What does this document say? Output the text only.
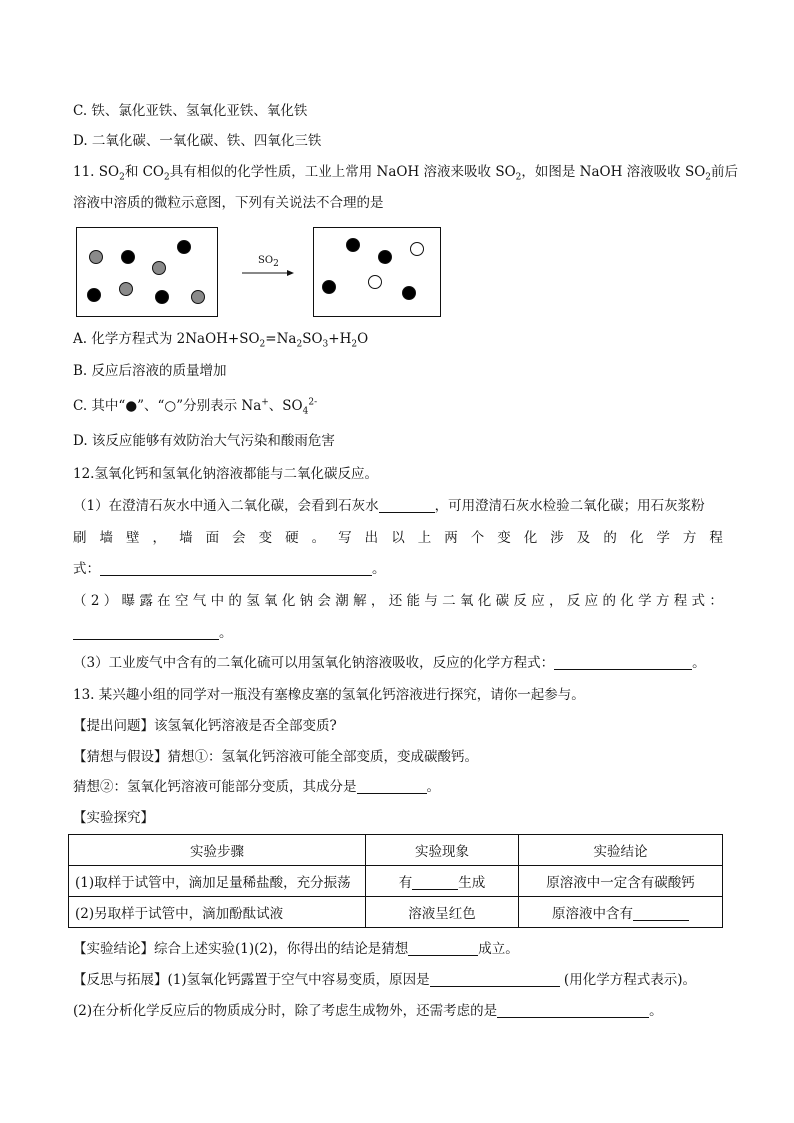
C. 铁、氯化亚铁、氢氧化亚铁、氧化铁
D. 二氧化碳、一氧化碳、铁、四氧化三铁
11. $SO_2$和 $CO_2$具有相似的化学性质，工业上常用 NaOH 溶液来吸收 $SO_2$，如图是 NaOH 溶液吸收 $SO_2$前后
溶液中溶质的微粒示意图，下列有关说法不合理的是
$SO_2$
A. 化学方程式为 $2NaOH+SO_2=Na_2SO_3+H_2O$
B. 反应后溶液的质量增加
C. 其中“●”、“○”分别表示 Na+、$SO_4^{2-}$
D. 该反应能够有效防治大气污染和酸雨危害
12.氢氧化钙和氢氧化钠溶液都能与二氧化碳反应。
（1）在澄清石灰水中通入二氧化碳，会看到石灰水	，可用澄清石灰水检验二氧化碳；用石灰浆粉
刷 墙 壁 ， 墙 面 会 变 硬 。 写 出 以 上 两 个 变 化 涉 及 的 化 学 方 程
式：	。
（ 2 ） 曝 露 在 空 气 中 的 氢 氧 化 钠 会 潮 解 ， 还 能 与 二 氧 化 碳 反 应 ， 反 应 的 化 学 方 程 式 ：
。
（3）工业废气中含有的二氧化硫可以用氢氧化钠溶液吸收，反应的化学方程式：	。
13. 某兴趣小组的同学对一瓶没有塞橡皮塞的氢氧化钙溶液进行探究，请你一起参与。
【提出问题】该氢氧化钙溶液是否全部变质?
【猜想与假设】猜想①：氢氧化钙溶液可能全部变质，变成碳酸钙。
猜想②：氢氧化钙溶液可能部分变质，其成分是	。
【实验探究】
实验步骤	实验现象	实验结论
(1)取样于试管中，滴加足量稀盐酸，充分振荡	有 生成	原溶液中一定含有碳酸钙
(2)另取样于试管中，滴加酚酞试液	溶液呈红色	原溶液中含有
【实验结论】综合上述实验(1)(2)，你得出的结论是猜想	成立。
【反思与拓展】(1)氢氧化钙露置于空气中容易变质，原因是	(用化学方程式表示)。
(2)在分析化学反应后的物质成分时，除了考虑生成物外，还需考虑的是	。
